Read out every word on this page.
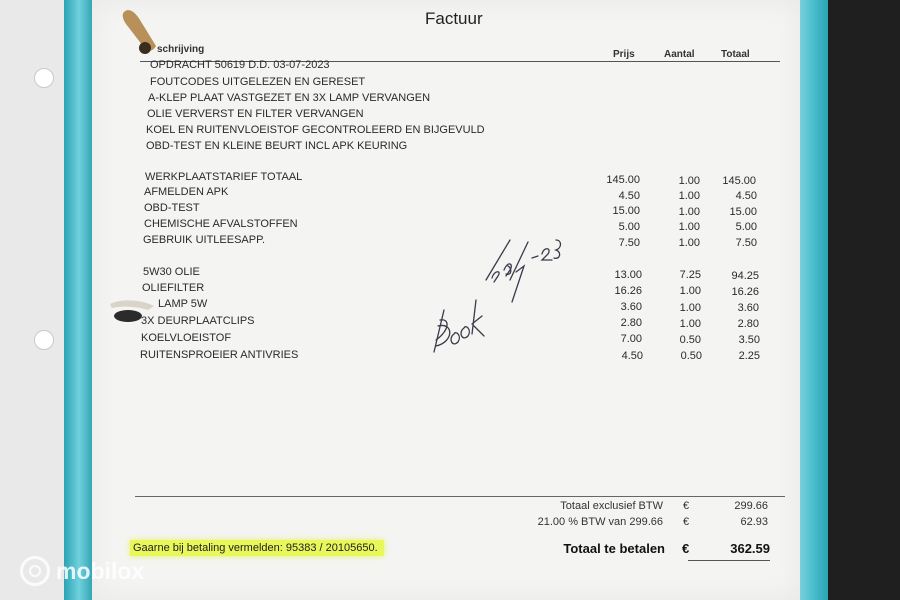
Factuur
schrijving	Prijs	Aantal	Totaal
OPDRACHT 50619 D.D. 03-07-2023
FOUTCODES UITGELEZEN EN GERESET
A-KLEP PLAAT VASTGEZET EN 3X LAMP VERVANGEN
OLIE VERVERST EN FILTER VERVANGEN
KOEL EN RUITENVLOEISTOF GECONTROLEERD EN BIJGEVULD
OBD-TEST EN KLEINE BEURT INCL APK KEURING
WERKPLAATSTARIEF TOTAAL	145.00	1.00	145.00
AFMELDEN APK	4.50	1.00	4.50
OBD-TEST	15.00	1.00	15.00
CHEMISCHE AFVALSTOFFEN	5.00	1.00	5.00
GEBRUIK UITLEESAPP.	7.50	1.00	7.50
5W30 OLIE	13.00	7.25	94.25
OLIEFILTER	16.26	1.00	16.26
LAMP 5W	3.60	1.00	3.60
3X DEURPLAATCLIPS	2.80	1.00	2.80
KOELVLOEISTOF	7.00	0.50	3.50
RUITENSPROEIER ANTIVRIES	4.50	0.50	2.25
Totaal exclusief BTW €	299.66
21.00 % BTW van 299.66 €	62.93
Gaarne bij betaling vermelden: 95383 / 20105650.	Totaal te betalen €	362.59
mobilox
